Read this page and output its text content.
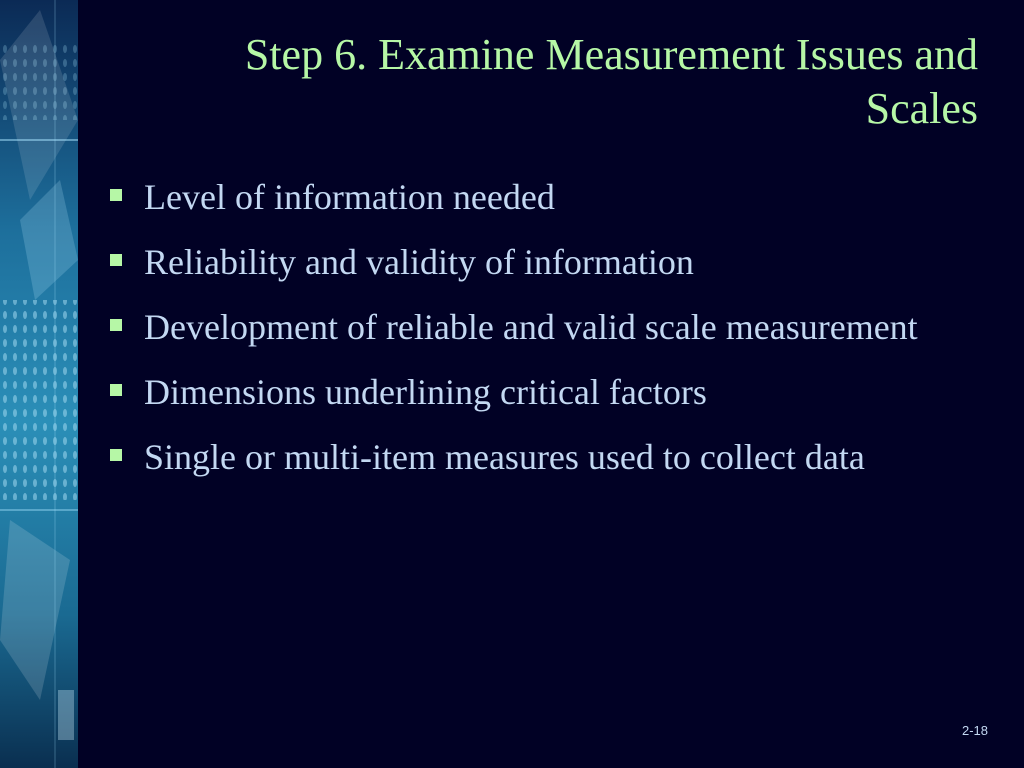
Step 6. Examine Measurement Issues and Scales
Level of information needed
Reliability and validity of information
Development of reliable and valid scale measurement
Dimensions underlining critical factors
Single or multi-item measures used to collect data
2-18
